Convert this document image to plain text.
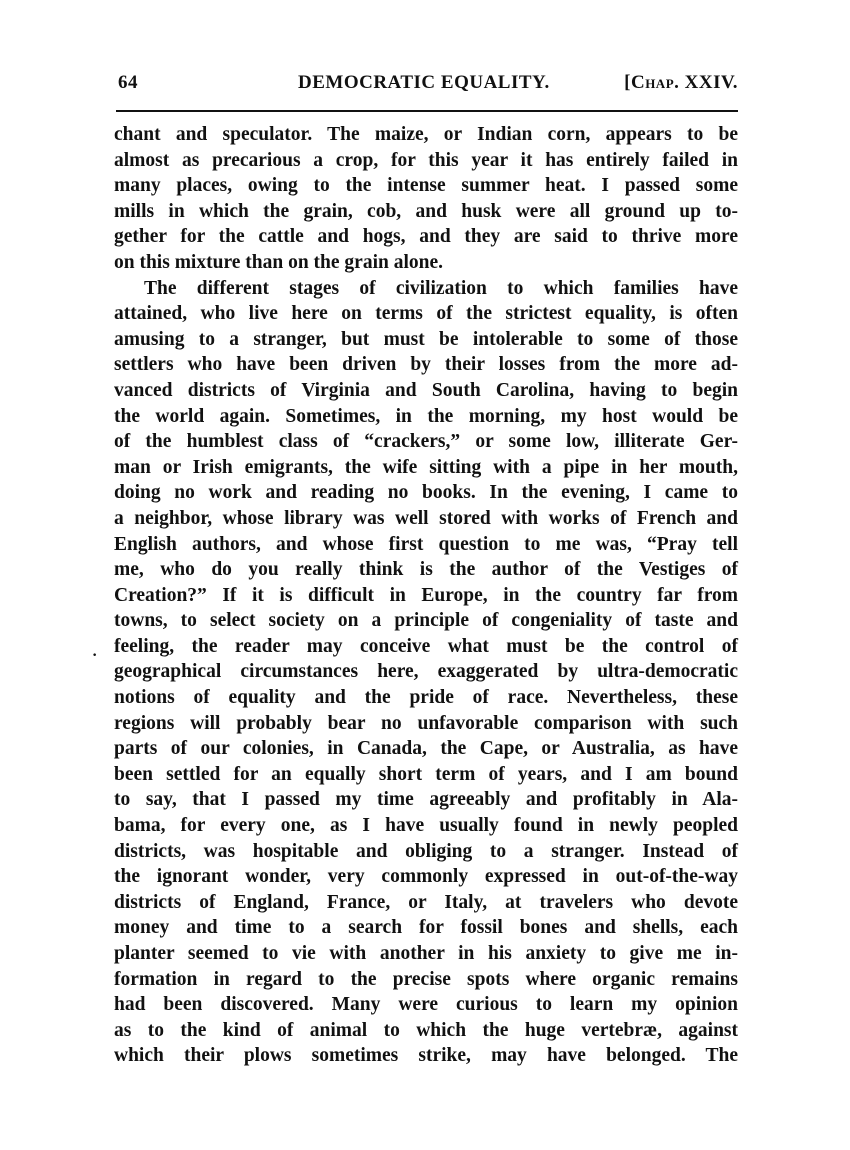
64	DEMOCRATIC EQUALITY.	[Chap. XXIV.
·
chant and speculator. The maize, or Indian corn, appears to be
almost as precarious a crop, for this year it has entirely failed in
many places, owing to the intense summer heat. I passed some
mills in which the grain, cob, and husk were all ground up to-
gether for the cattle and hogs, and they are said to thrive more
on this mixture than on the grain alone.
The different stages of civilization to which families have
attained, who live here on terms of the strictest equality, is often
amusing to a stranger, but must be intolerable to some of those
settlers who have been driven by their losses from the more ad-
vanced districts of Virginia and South Carolina, having to begin
the world again. Sometimes, in the morning, my host would be
of the humblest class of “crackers,” or some low, illiterate Ger-
man or Irish emigrants, the wife sitting with a pipe in her mouth,
doing no work and reading no books. In the evening, I came to
a neighbor, whose library was well stored with works of French and
English authors, and whose first question to me was, “Pray tell
me, who do you really think is the author of the Vestiges of
Creation?” If it is difficult in Europe, in the country far from
towns, to select society on a principle of congeniality of taste and
feeling, the reader may conceive what must be the control of
geographical circumstances here, exaggerated by ultra-democratic
notions of equality and the pride of race. Nevertheless, these
regions will probably bear no unfavorable comparison with such
parts of our colonies, in Canada, the Cape, or Australia, as have
been settled for an equally short term of years, and I am bound
to say, that I passed my time agreeably and profitably in Ala-
bama, for every one, as I have usually found in newly peopled
districts, was hospitable and obliging to a stranger. Instead of
the ignorant wonder, very commonly expressed in out-of-the-way
districts of England, France, or Italy, at travelers who devote
money and time to a search for fossil bones and shells, each
planter seemed to vie with another in his anxiety to give me in-
formation in regard to the precise spots where organic remains
had been discovered. Many were curious to learn my opinion
as to the kind of animal to which the huge vertebræ, against
which their plows sometimes strike, may have belonged. The
